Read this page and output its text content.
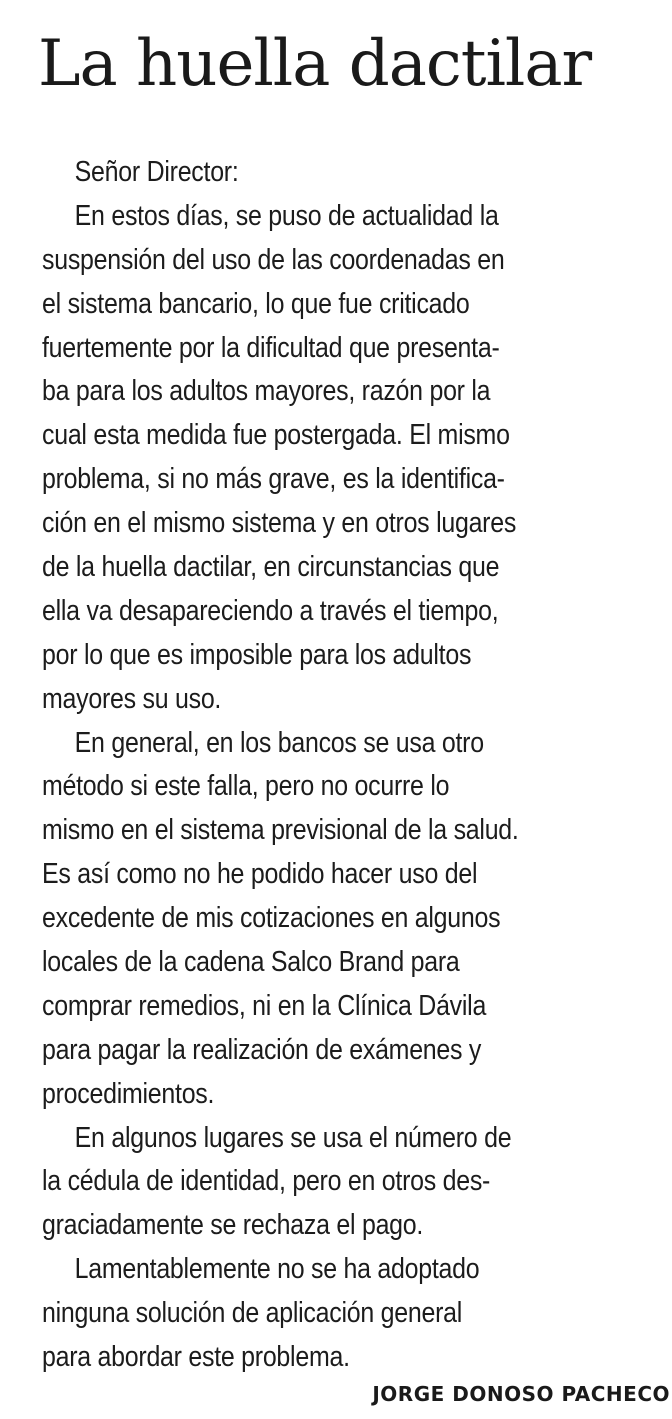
La huella dactilar
Señor Director:
En estos días, se puso de actualidad la
suspensión del uso de las coordenadas en
el sistema bancario, lo que fue criticado
fuertemente por la dificultad que presenta-
ba para los adultos mayores, razón por la
cual esta medida fue postergada. El mismo
problema, si no más grave, es la identifica-
ción en el mismo sistema y en otros lugares
de la huella dactilar, en circunstancias que
ella va desapareciendo a través el tiempo,
por lo que es imposible para los adultos
mayores su uso.
En general, en los bancos se usa otro
método si este falla, pero no ocurre lo
mismo en el sistema previsional de la salud.
Es así como no he podido hacer uso del
excedente de mis cotizaciones en algunos
locales de la cadena Salco Brand para
comprar remedios, ni en la Clínica Dávila
para pagar la realización de exámenes y
procedimientos.
En algunos lugares se usa el número de
la cédula de identidad, pero en otros des-
graciadamente se rechaza el pago.
Lamentablemente no se ha adoptado
ninguna solución de aplicación general
para abordar este problema.
JORGE DONOSO PACHECO
